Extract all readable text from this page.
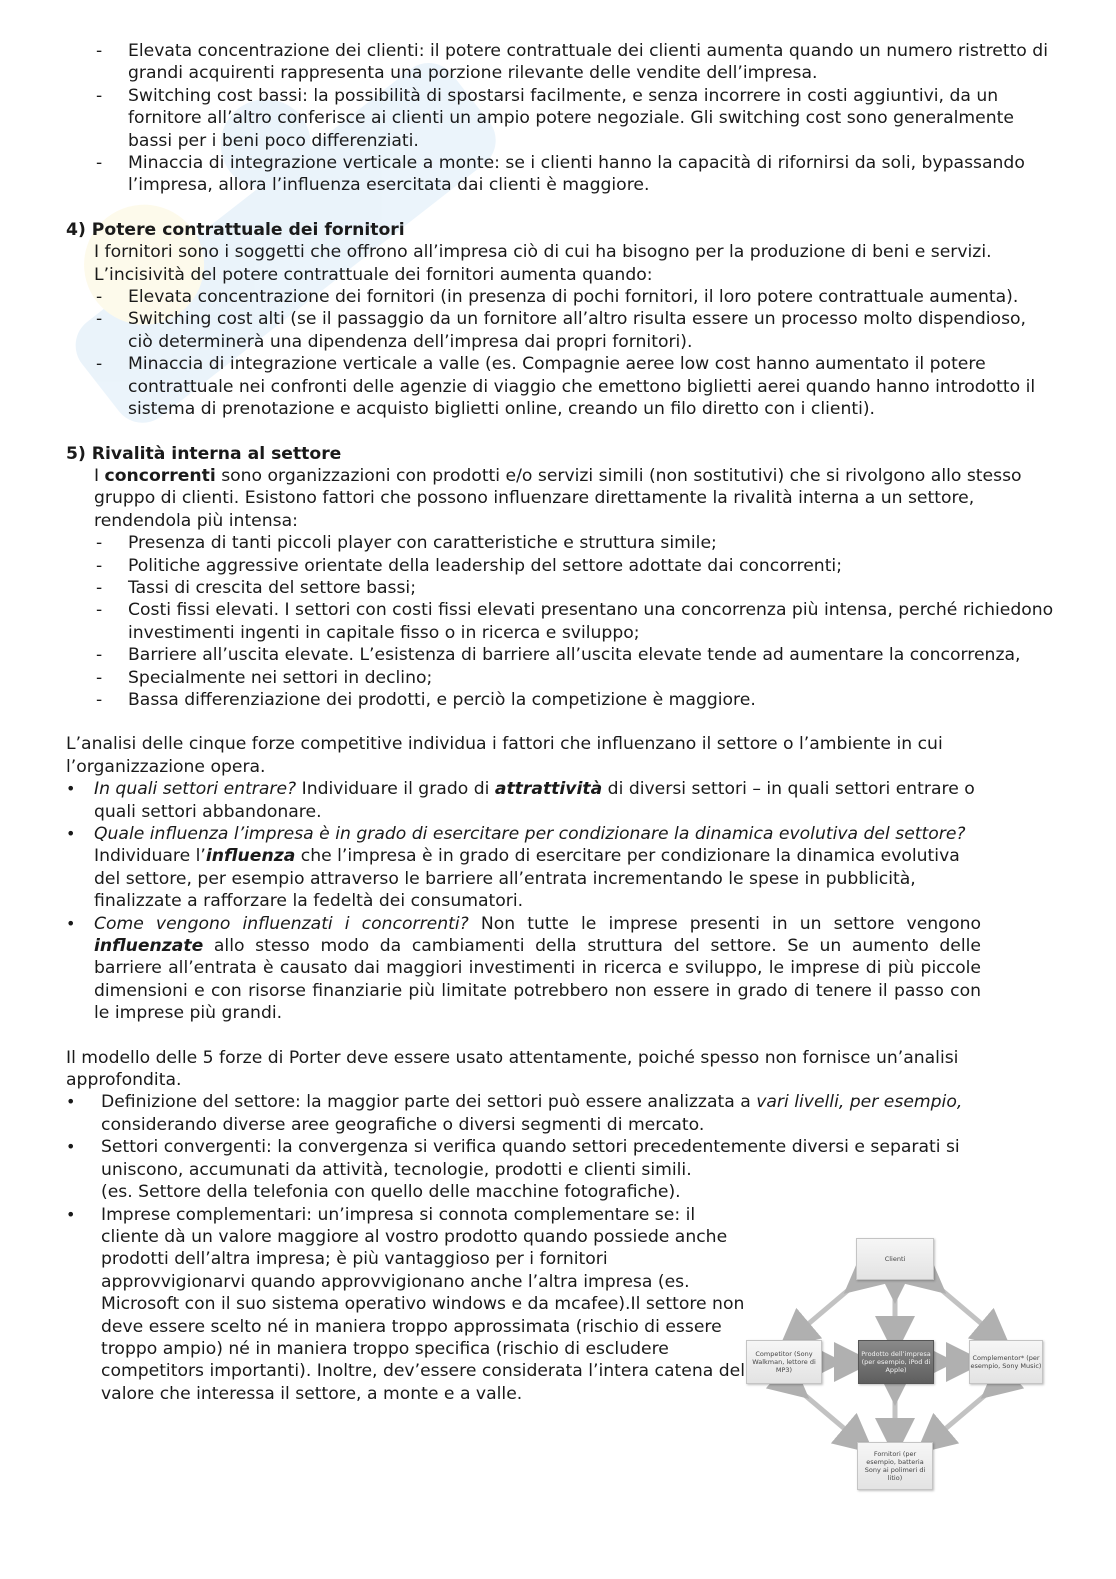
- Elevata concentrazione dei clienti: il potere contrattuale dei clienti aumenta quando un numero ristretto di grandi acquirenti rappresenta una porzione rilevante delle vendite dell’impresa.
- Switching cost bassi: la possibilità di spostarsi facilmente, e senza incorrere in costi aggiuntivi, da un fornitore all’altro conferisce ai clienti un ampio potere negoziale. Gli switching cost sono generalmente bassi per i beni poco differenziati.
- Minaccia di integrazione verticale a monte: se i clienti hanno la capacità di rifornirsi da soli, bypassando l’impresa, allora l’influenza esercitata dai clienti è maggiore.
4) Potere contrattuale dei fornitori
I fornitori sono i soggetti che offrono all’impresa ciò di cui ha bisogno per la produzione di beni e servizi. L’incisività del potere contrattuale dei fornitori aumenta quando:
- Elevata concentrazione dei fornitori (in presenza di pochi fornitori, il loro potere contrattuale aumenta).
- Switching cost alti (se il passaggio da un fornitore all’altro risulta essere un processo molto dispendioso, ciò determinerà una dipendenza dell’impresa dai propri fornitori).
- Minaccia di integrazione verticale a valle (es. Compagnie aeree low cost hanno aumentato il potere contrattuale nei confronti delle agenzie di viaggio che emettono biglietti aerei quando hanno introdotto il sistema di prenotazione e acquisto biglietti online, creando un filo diretto con i clienti).
5) Rivalità interna al settore
I concorrenti sono organizzazioni con prodotti e/o servizi simili (non sostitutivi) che si rivolgono allo stesso gruppo di clienti. Esistono fattori che possono influenzare direttamente la rivalità interna a un settore, rendendola più intensa:
- Presenza di tanti piccoli player con caratteristiche e struttura simile;
- Politiche aggressive orientate della leadership del settore adottate dai concorrenti;
- Tassi di crescita del settore bassi;
- Costi fissi elevati. I settori con costi fissi elevati presentano una concorrenza più intensa, perché richiedono investimenti ingenti in capitale fisso o in ricerca e sviluppo;
- Barriere all’uscita elevate. L’esistenza di barriere all’uscita elevate tende ad aumentare la concorrenza,
- Specialmente nei settori in declino;
- Bassa differenziazione dei prodotti, e perciò la competizione è maggiore.

L’analisi delle cinque forze competitive individua i fattori che influenzano il settore o l’ambiente in cui l’organizzazione opera.

• In quali settori entrare? Individuare il grado di attrattività di diversi settori – in quali settori entrare o quali settori abbandonare.
• Quale influenza l’impresa è in grado di esercitare per condizionare la dinamica evolutiva del settore? Individuare l’influenza che l’impresa è in grado di esercitare per condizionare la dinamica evolutiva del settore, per esempio attraverso le barriere all’entrata incrementando le spese in pubblicità, finalizzate a rafforzare la fedeltà dei consumatori.
• Come vengono influenzati i concorrenti? Non tutte le imprese presenti in un settore vengono influenzate allo stesso modo da cambiamenti della struttura del settore. Se un aumento delle barriere all’entrata è causato dai maggiori investimenti in ricerca e sviluppo, le imprese di più piccole dimensioni e con risorse finanziarie più limitate potrebbero non essere in grado di tenere il passo con le imprese più grandi.

Il modello delle 5 forze di Porter deve essere usato attentamente, poiché spesso non fornisce un’analisi approfondita.

• Definizione del settore: la maggior parte dei settori può essere analizzata a vari livelli, per esempio, considerando diverse aree geografiche o diversi segmenti di mercato.
• Settori convergenti: la convergenza si verifica quando settori precedentemente diversi e separati si uniscono, accumunati da attività, tecnologie, prodotti e clienti simili.
(es. Settore della telefonia con quello delle macchine fotografiche).
• Imprese complementari: un’impresa si connota complementare se: il cliente dà un valore maggiore al vostro prodotto quando possiede anche prodotti dell’altra impresa; è più vantaggioso per i fornitori approvvigionarvi quando approvvigionano anche l’altra impresa (es. Microsoft con il suo sistema operativo windows e da mcafee).Il settore non deve essere scelto né in maniera troppo approssimata (rischio di essere troppo ampio) né in maniera troppo specifica (rischio di escludere competitors importanti). Inoltre, dev’essere considerata l’intera catena del valore che interessa il settore, a monte e a valle.
Clienti
Competitor (Sony Walkman, lettore di MP3)
Prodotto dell’impresa (per esempio, iPod di Apple)
Complementor* (per esempio, Sony Music)
Fornitori (per esempio, batteria Sony ai polimeri di litio)
